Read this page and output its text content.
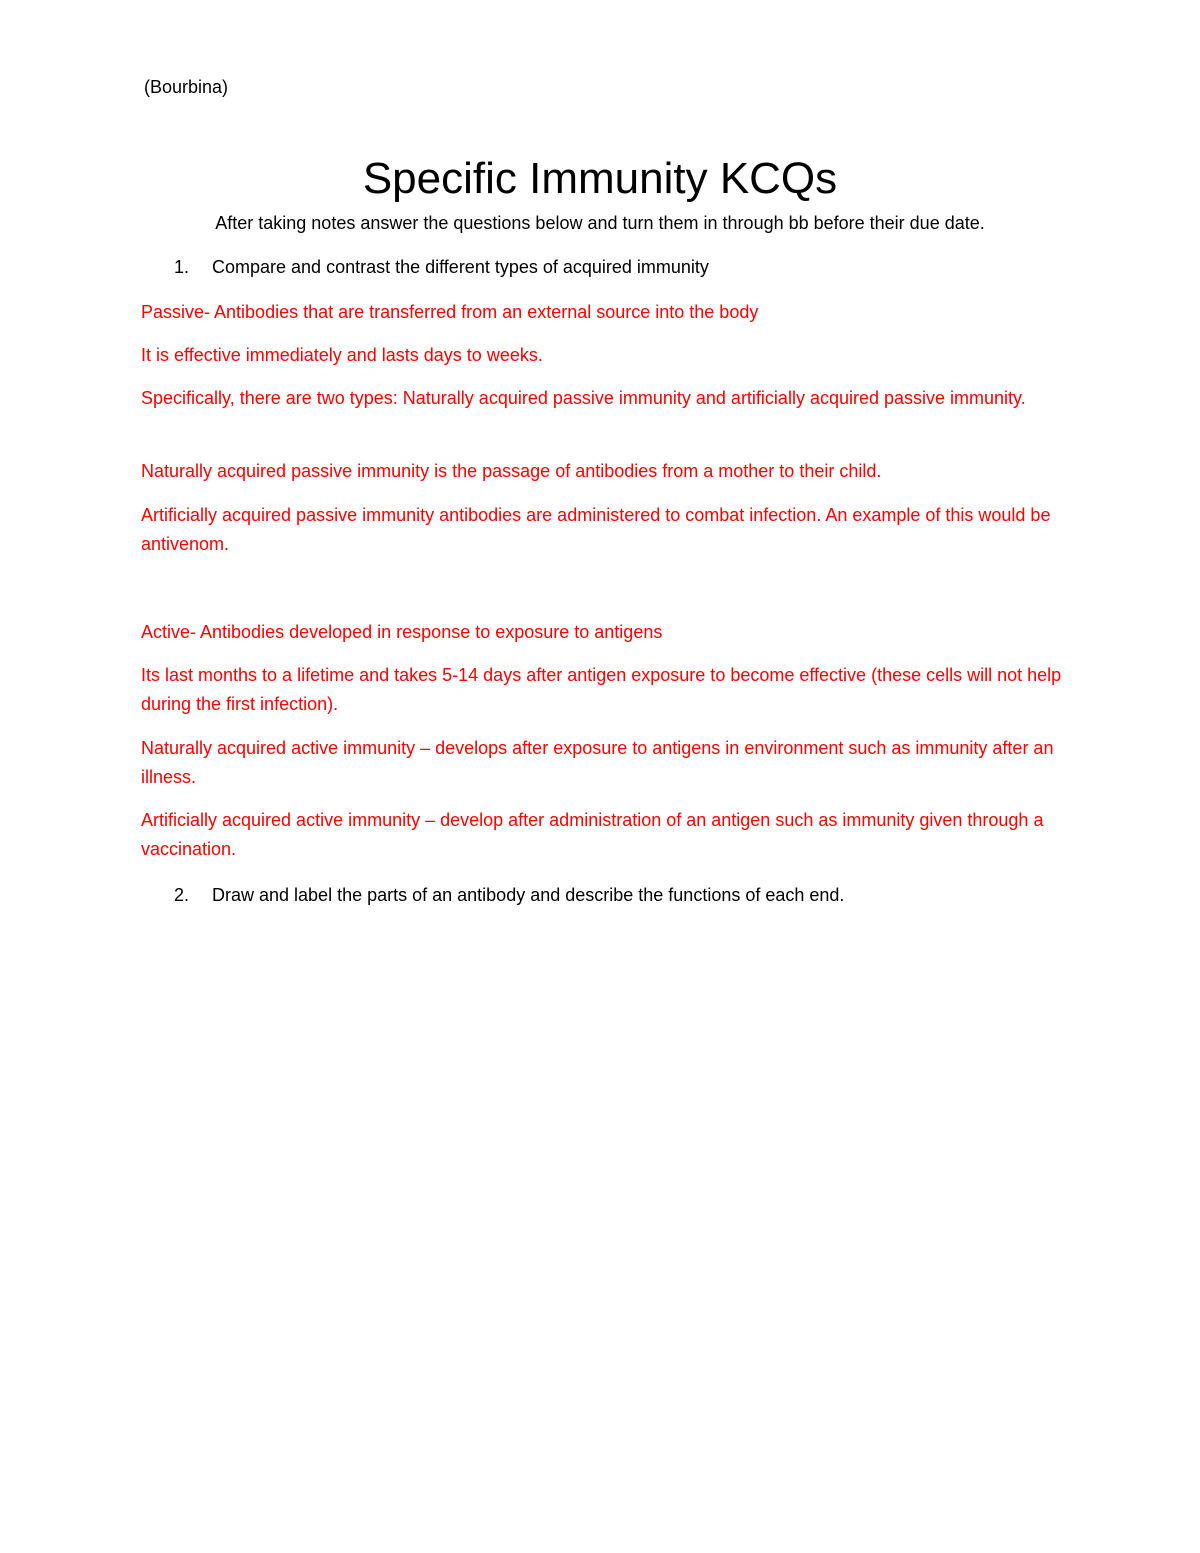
(Bourbina)
Specific Immunity KCQs
After taking notes answer the questions below and turn them in through bb before their due date.
1.	Compare and contrast the different types of acquired immunity

Passive- Antibodies that are transferred from an external source into the body

It is effective immediately and lasts days to weeks.

Specifically, there are two types: Naturally acquired passive immunity and artificially acquired passive immunity.

Naturally acquired passive immunity is the passage of antibodies from a mother to their child.

Artificially acquired passive immunity antibodies are administered to combat infection. An example of this would be antivenom.

Active- Antibodies developed in response to exposure to antigens

Its last months to a lifetime and takes 5-14 days after antigen exposure to become effective (these cells will not help during the first infection).

Naturally acquired active immunity – develops after exposure to antigens in environment such as immunity after an illness.

Artificially acquired active immunity – develop after administration of an antigen such as immunity given through a vaccination.

2.	Draw and label the parts of an antibody and describe the functions of each end.
